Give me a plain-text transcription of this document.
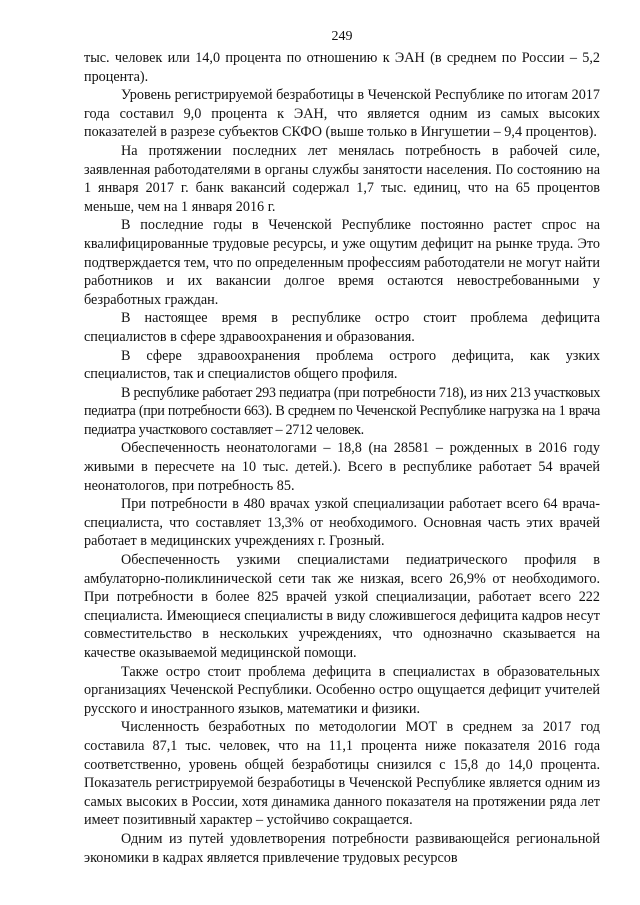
249

тыс. человек или 14,0 процента по отношению к ЭАН (в среднем по России – 5,2 процента).

Уровень регистрируемой безработицы в Чеченской Республике по итогам 2017 года составил 9,0 процента к ЭАН, что является одним из самых высоких показателей в разрезе субъектов СКФО (выше только в Ингушетии – 9,4 процентов).

На протяжении последних лет менялась потребность в рабочей силе, заявленная работодателями в органы службы занятости населения. По состоянию на 1 января 2017 г. банк вакансий содержал 1,7 тыс. единиц, что на 65 процентов меньше, чем на 1 января 2016 г.

В последние годы в Чеченской Республике постоянно растет спрос на квалифицированные трудовые ресурсы, и уже ощутим дефицит на рынке труда. Это подтверждается тем, что по определенным профессиям работодатели не могут найти работников и их вакансии долгое время остаются невостребованными у безработных граждан.

В настоящее время в республике остро стоит проблема дефицита специалистов в сфере здравоохранения и образования.

В сфере здравоохранения проблема острого дефицита, как узких специалистов, так и специалистов общего профиля.

В республике работает 293 педиатра (при потребности 718), из них 213 участковых педиатра (при потребности 663). В среднем по Чеченской Республике нагрузка на 1 врача педиатра участкового составляет – 2712 человек.

Обеспеченность неонатологами – 18,8 (на 28581 – рожденных в 2016 году живыми в пересчете на 10 тыс. детей.). Всего в республике работает 54 врачей неонатологов, при потребность 85.

При потребности в 480 врачах узкой специализации работает всего 64 врача-специалиста, что составляет 13,3% от необходимого. Основная часть этих врачей работает в медицинских учреждениях г. Грозный.

Обеспеченность узкими специалистами педиатрического профиля в амбулаторно-поликлинической сети так же низкая, всего 26,9% от необходимого. При потребности в более 825 врачей узкой специализации, работает всего 222 специалиста. Имеющиеся специалисты в виду сложившегося дефицита кадров несут совместительство в нескольких учреждениях, что однозначно сказывается на качестве оказываемой медицинской помощи.

Также остро стоит проблема дефицита в специалистах в образовательных организациях Чеченской Республики. Особенно остро ощущается дефицит учителей русского и иностранного языков, математики и физики.

Численность безработных по методологии МОТ в среднем за 2017 год составила 87,1 тыс. человек, что на 11,1 процента ниже показателя 2016 года соответственно, уровень общей безработицы снизился с 15,8 до 14,0 процента. Показатель регистрируемой безработицы в Чеченской Республике является одним из самых высоких в России, хотя динамика данного показателя на протяжении ряда лет имеет позитивный характер – устойчиво сокращается.

Одним из путей удовлетворения потребности развивающейся региональной экономики в кадрах является привлечение трудовых ресурсов
